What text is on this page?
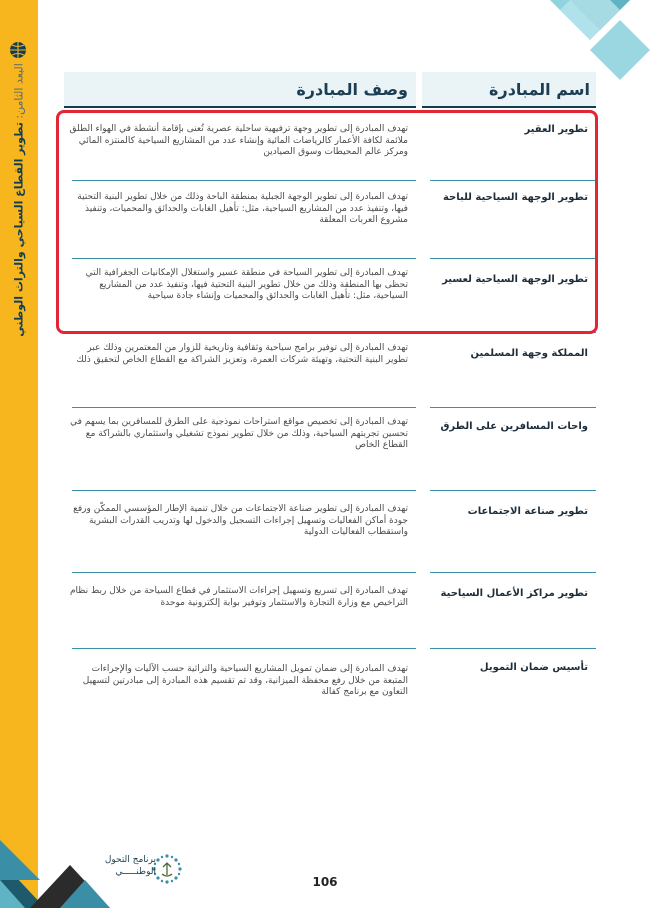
البعد الثامن: تطوير القطاع السياحي والتراث الوطني
اسم المبادرة
وصف المبادرة
تطوير العقير
تهدف المبادرة إلى تطوير وجهة ترفيهية ساحلية عصرية تُعنى بإقامة أنشطة في الهواء الطلق ملائمة لكافة الأعمار كالرياضات المائية وإنشاء عدد من المشاريع السياحية كالمنتزه المائي ومركز عالم المحيطات وسوق الصيادين
تطوير الوجهة السياحية للباحة
تهدف المبادرة إلى تطوير الوجهة الجبلية بمنطقة الباحة وذلك من خلال تطوير البنية التحتية فيها، وتنفيذ عدد من المشاريع السياحية، مثل: تأهيل الغابات والحدائق والمحميات، وتنفيذ مشروع العربات المعلقة
تطوير الوجهة السياحية لعسير
تهدف المبادرة إلى تطوير السياحة في منطقة عسير واستغلال الإمكانيات الجغرافية التي تحظى بها المنطقة وذلك من خلال تطوير البنية التحتية فيها، وتنفيذ عدد من المشاريع السياحية، مثل: تأهيل الغابات والحدائق والمحميات وإنشاء جادة سياحية
المملكة وجهة المسلمين
تهدف المبادرة إلى توفير برامج سياحية وثقافية وتاريخية للزوار من المعتمرين وذلك عبر تطوير البنية التحتية، وتهيئة شركات العمرة، وتعزيز الشراكة مع القطاع الخاص لتحقيق ذلك
واحات المسافرين على الطرق
تهدف المبادرة إلى تخصيص مواقع استراحات نموذجية على الطرق للمسافرين بما يسهم في تحسين تجربتهم السياحية، وذلك من خلال تطوير نموذج تشغيلي واستثماري بالشراكة مع القطاع الخاص
تطوير صناعة الاجتماعات
تهدف المبادرة إلى تطوير صناعة الاجتماعات من خلال تنمية الإطار المؤسسي الممكّن ورفع جودة أماكن الفعاليات وتسهيل إجراءات التسجيل والدخول لها وتدريب القدرات البشرية واستقطاب الفعاليات الدولية
تطوير مراكز الأعمال السياحية
تهدف المبادرة إلى تسريع وتسهيل إجراءات الاستثمار في قطاع السياحة من خلال ربط نظام التراخيص مع وزارة التجارة والاستثمار وتوفير بوابة إلكترونية موحدة
تأسيس ضمان التمويل
تهدف المبادرة إلى ضمان تمويل المشاريع السياحية والتراثية حسب الآليات والإجراءات المتبعة من خلال رفع محفظة الميزانية، وقد تم تقسيم هذه المبادرة إلى مبادرتين لتسهيل التعاون مع برنامج كفالة
برنامج التحول
الوطنـــــي
106
